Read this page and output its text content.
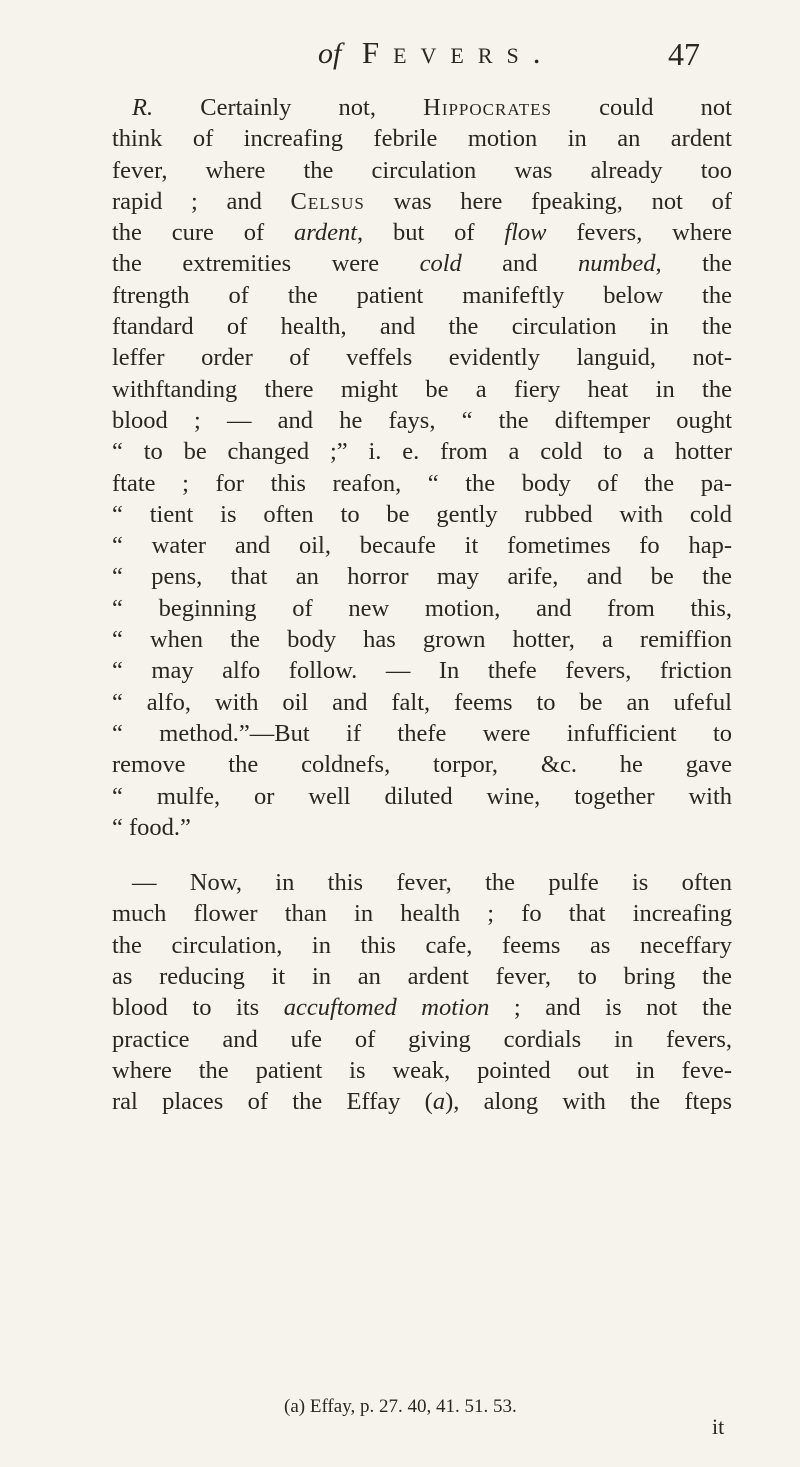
of Fevers.	47
R. Certainly not, Hippocrates could not
think of increafing febrile motion in an ardent
fever, where the circulation was already too
rapid ; and Celsus was here fpeaking, not of
the cure of ardent, but of flow fevers, where
the extremities were cold and numbed, the
ftrength of the patient manifeftly below the
ftandard of health, and the circulation in the
leffer order of veffels evidently languid, not-
withftanding there might be a fiery heat in the
blood ; — and he fays, “ the diftemper ought
“ to be changed ;” i. e. from a cold to a hotter
ftate ; for this reafon, “ the body of the pa-
“ tient is often to be gently rubbed with cold
“ water and oil, becaufe it fometimes fo hap-
“ pens, that an horror may arife, and be the
“ beginning of new motion, and from this,
“ when the body has grown hotter, a remiffion
“ may alfo follow. — In thefe fevers, friction
“ alfo, with oil and falt, feems to be an ufeful
“ method.”—But if thefe were infufficient to
remove the coldnefs, torpor, &c. he gave
“ mulfe, or well diluted wine, together with
“ food.”
— Now, in this fever, the pulfe is often
much flower than in health ; fo that increafing
the circulation, in this cafe, feems as neceffary
as reducing it in an ardent fever, to bring the
blood to its accuftomed motion ; and is not the
practice and ufe of giving cordials in fevers,
where the patient is weak, pointed out in feve-
ral places of the Effay (a), along with the fteps
(a) Effay, p. 27. 40, 41. 51. 53.
it
